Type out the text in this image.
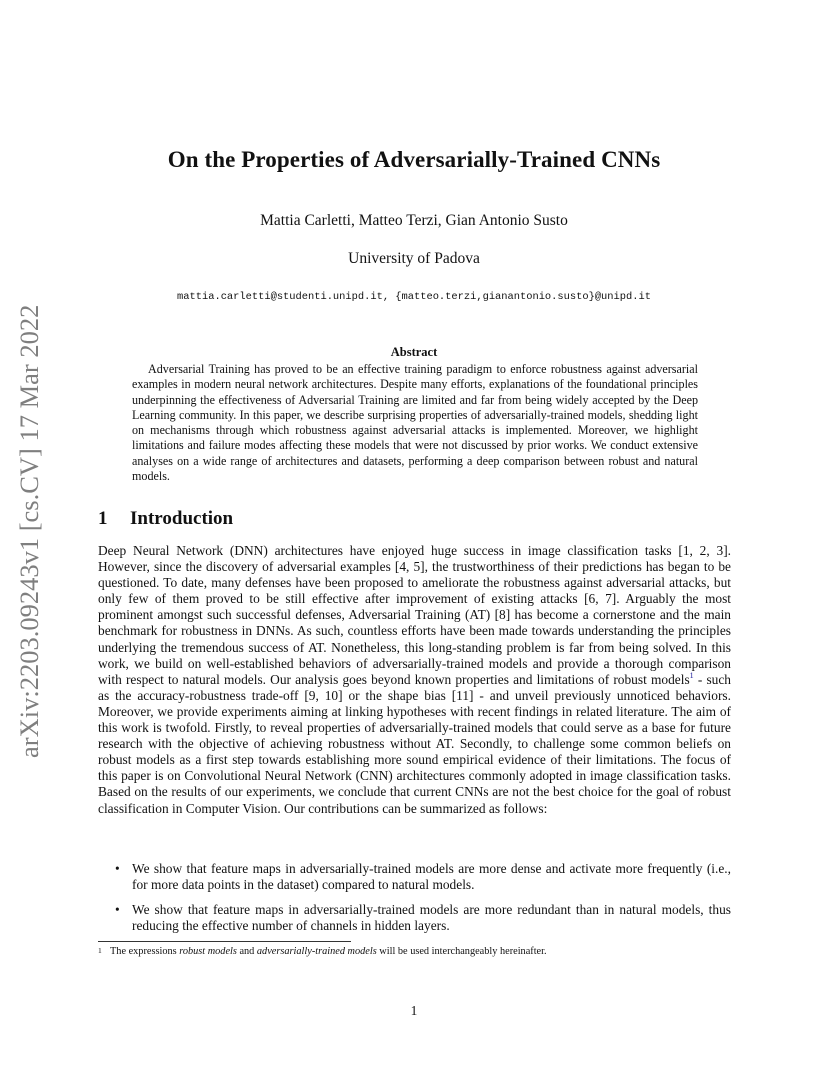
arXiv:2203.09243v1 [cs.CV] 17 Mar 2022
On the Properties of Adversarially-Trained CNNs
Mattia Carletti, Matteo Terzi, Gian Antonio Susto
University of Padova
mattia.carletti@studenti.unipd.it, {matteo.terzi,gianantonio.susto}@unipd.it
Abstract

Adversarial Training has proved to be an effective training paradigm to enforce robustness against adversarial examples in modern neural network architectures. Despite many efforts, explanations of the foundational principles underpinning the effectiveness of Adversarial Training are limited and far from being widely accepted by the Deep Learning community. In this paper, we describe surprising properties of adversarially-trained models, shedding light on mechanisms through which robustness against adversarial attacks is implemented. Moreover, we highlight limitations and failure modes affecting these models that were not discussed by prior works. We conduct extensive analyses on a wide range of architectures and datasets, performing a deep comparison between robust and natural models.

1 Introduction

Deep Neural Network (DNN) architectures have enjoyed huge success in image classification tasks [1, 2, 3]. However, since the discovery of adversarial examples [4, 5], the trustworthiness of their predictions has began to be questioned. To date, many defenses have been proposed to ameliorate the robustness against adversarial attacks, but only few of them proved to be still effective after improvement of existing attacks [6, 7]. Arguably the most prominent amongst such successful defenses, Adversarial Training (AT) [8] has become a cornerstone and the main benchmark for robustness in DNNs. As such, countless efforts have been made towards understanding the principles underlying the tremendous success of AT. Nonetheless, this long-standing problem is far from being solved. In this work, we build on well-established behaviors of adversarially-trained models and provide a thorough comparison with respect to natural models. Our analysis goes beyond known properties and limitations of robust models$^1$ - such as the accuracy-robustness trade-off [9, 10] or the shape bias [11] - and unveil previously unnoticed behaviors. Moreover, we provide experiments aiming at linking hypotheses with recent findings in related literature. The aim of this work is twofold. Firstly, to reveal properties of adversarially-trained models that could serve as a base for future research with the objective of achieving robustness without AT. Secondly, to challenge some common beliefs on robust models as a first step towards establishing more sound empirical evidence of their limitations. The focus of this paper is on Convolutional Neural Network (CNN) architectures commonly adopted in image classification tasks. Based on the results of our experiments, we conclude that current CNNs are not the best choice for the goal of robust classification in Computer Vision. Our contributions can be summarized as follows:

• We show that feature maps in adversarially-trained models are more dense and activate more frequently (i.e., for more data points in the dataset) compared to natural models.
• We show that feature maps in adversarially-trained models are more redundant than in natural models, thus reducing the effective number of channels in hidden layers.

1 The expressions robust models and adversarially-trained models will be used interchangeably hereinafter.

1
